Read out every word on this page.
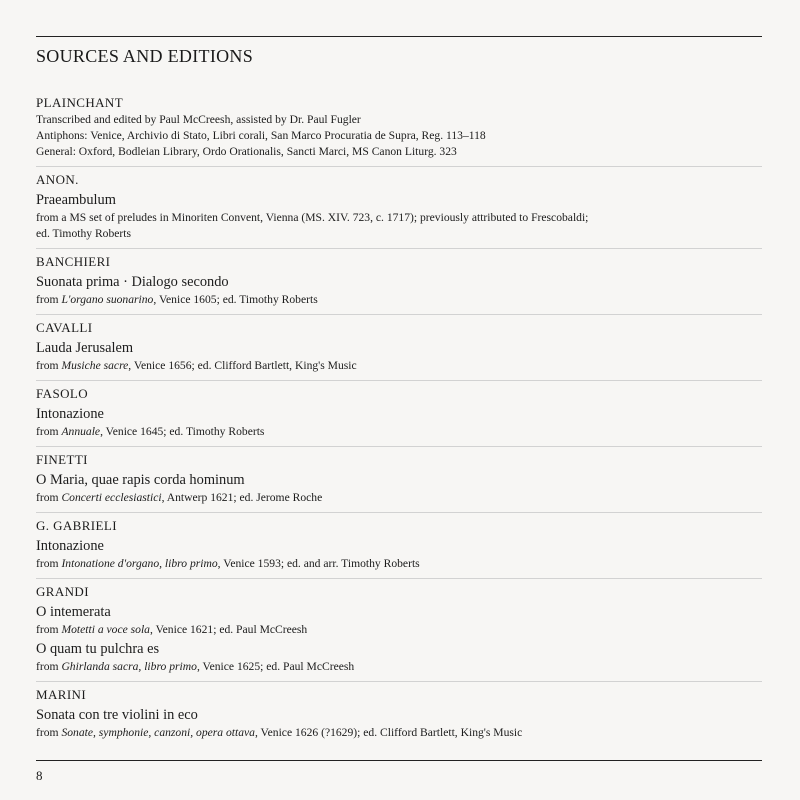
SOURCES AND EDITIONS
PLAINCHANT
Transcribed and edited by Paul McCreesh, assisted by Dr. Paul Fugler
Antiphons: Venice, Archivio di Stato, Libri corali, San Marco Procuratia de Supra, Reg. 113–118
General: Oxford, Bodleian Library, Ordo Orationalis, Sancti Marci, MS Canon Liturg. 323
ANON.
Praeambulum
from a MS set of preludes in Minoriten Convent, Vienna (MS. XIV. 723, c. 1717); previously attributed to Frescobaldi;
ed. Timothy Roberts
BANCHIERI
Suonata prima · Dialogo secondo
from L'organo suonarino, Venice 1605; ed. Timothy Roberts
CAVALLI
Lauda Jerusalem
from Musiche sacre, Venice 1656; ed. Clifford Bartlett, King's Music
FASOLO
Intonazione
from Annuale, Venice 1645; ed. Timothy Roberts
FINETTI
O Maria, quae rapis corda hominum
from Concerti ecclesiastici, Antwerp 1621; ed. Jerome Roche
G. GABRIELI
Intonazione
from Intonatione d'organo, libro primo, Venice 1593; ed. and arr. Timothy Roberts
GRANDI
O intemerata
from Motetti a voce sola, Venice 1621; ed. Paul McCreesh
O quam tu pulchra es
from Ghirlanda sacra, libro primo, Venice 1625; ed. Paul McCreesh
MARINI
Sonata con tre violini in eco
from Sonate, symphonie, canzoni, opera ottava, Venice 1626 (?1629); ed. Clifford Bartlett, King's Music
8
